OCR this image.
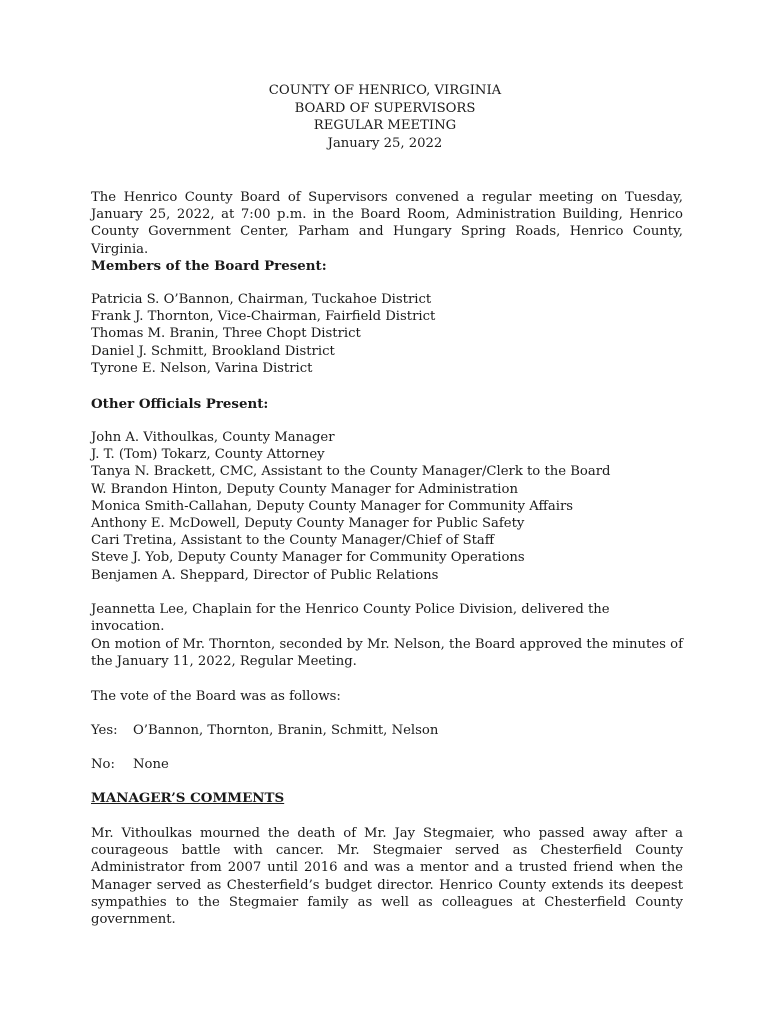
COUNTY OF HENRICO, VIRGINIA
BOARD OF SUPERVISORS
REGULAR MEETING
January 25, 2022
The Henrico County Board of Supervisors convened a regular meeting on Tuesday, January 25, 2022, at 7:00 p.m. in the Board Room, Administration Building, Henrico County Government Center, Parham and Hungary Spring Roads, Henrico County, Virginia.
Members of the Board Present:
Patricia S. O’Bannon, Chairman, Tuckahoe District
Frank J. Thornton, Vice-Chairman, Fairfield District
Thomas M. Branin, Three Chopt District
Daniel J. Schmitt, Brookland District
Tyrone E. Nelson, Varina District
Other Officials Present:
John A. Vithoulkas, County Manager
J. T. (Tom) Tokarz, County Attorney
Tanya N. Brackett, CMC, Assistant to the County Manager/Clerk to the Board
W. Brandon Hinton, Deputy County Manager for Administration
Monica Smith-Callahan, Deputy County Manager for Community Affairs
Anthony E. McDowell, Deputy County Manager for Public Safety
Cari Tretina, Assistant to the County Manager/Chief of Staff
Steve J. Yob, Deputy County Manager for Community Operations
Benjamen A. Sheppard, Director of Public Relations
Jeannetta Lee, Chaplain for the Henrico County Police Division, delivered the invocation.
On motion of Mr. Thornton, seconded by Mr. Nelson, the Board approved the minutes of the January 11, 2022, Regular Meeting.
The vote of the Board was as follows:
Yes: O’Bannon, Thornton, Branin, Schmitt, Nelson
No: None
MANAGER’S COMMENTS
Mr. Vithoulkas mourned the death of Mr. Jay Stegmaier, who passed away after a courageous battle with cancer. Mr. Stegmaier served as Chesterfield County Administrator from 2007 until 2016 and was a mentor and a trusted friend when the Manager served as Chesterfield’s budget director. Henrico County extends its deepest sympathies to the Stegmaier family as well as colleagues at Chesterfield County government.
